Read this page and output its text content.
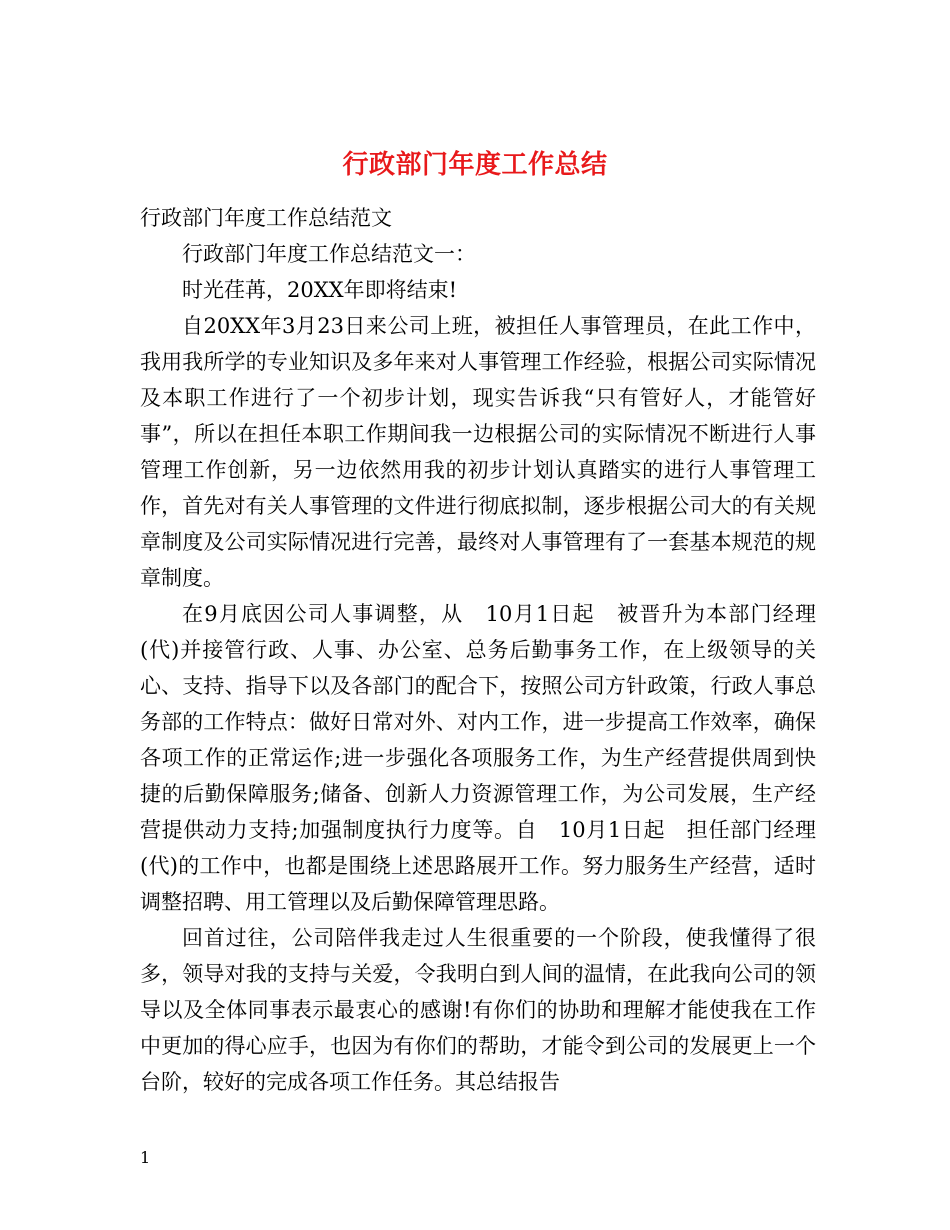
行政部门年度工作总结

行政部门年度工作总结范文

行政部门年度工作总结范文一：

时光荏苒，20XX年即将结束!

自20XX年3月23日来公司上班，被担任人事管理员，在此工作中，我用我所学的专业知识及多年来对人事管理工作经验，根据公司实际情况及本职工作进行了一个初步计划，现实告诉我“只有管好人，才能管好事”，所以在担任本职工作期间我一边根据公司的实际情况不断进行人事管理工作创新，另一边依然用我的初步计划认真踏实的进行人事管理工作，首先对有关人事管理的文件进行彻底拟制，逐步根据公司大的有关规章制度及公司实际情况进行完善，最终对人事管理有了一套基本规范的规章制度。

在9月底因公司人事调整，从　10月1日起　被晋升为本部门经理(代)并接管行政、人事、办公室、总务后勤事务工作，在上级领导的关心、支持、指导下以及各部门的配合下，按照公司方针政策，行政人事总务部的工作特点：做好日常对外、对内工作，进一步提高工作效率，确保各项工作的正常运作;进一步强化各项服务工作，为生产经营提供周到快捷的后勤保障服务;储备、创新人力资源管理工作，为公司发展，生产经营提供动力支持;加强制度执行力度等。自　10月1日起　担任部门经理(代)的工作中，也都是围绕上述思路展开工作。努力服务生产经营，适时调整招聘、用工管理以及后勤保障管理思路。

回首过往，公司陪伴我走过人生很重要的一个阶段，使我懂得了很多，领导对我的支持与关爱，令我明白到人间的温情，在此我向公司的领导以及全体同事表示最衷心的感谢!有你们的协助和理解才能使我在工作中更加的得心应手，也因为有你们的帮助，才能令到公司的发展更上一个台阶，较好的完成各项工作任务。其总结报告

1
